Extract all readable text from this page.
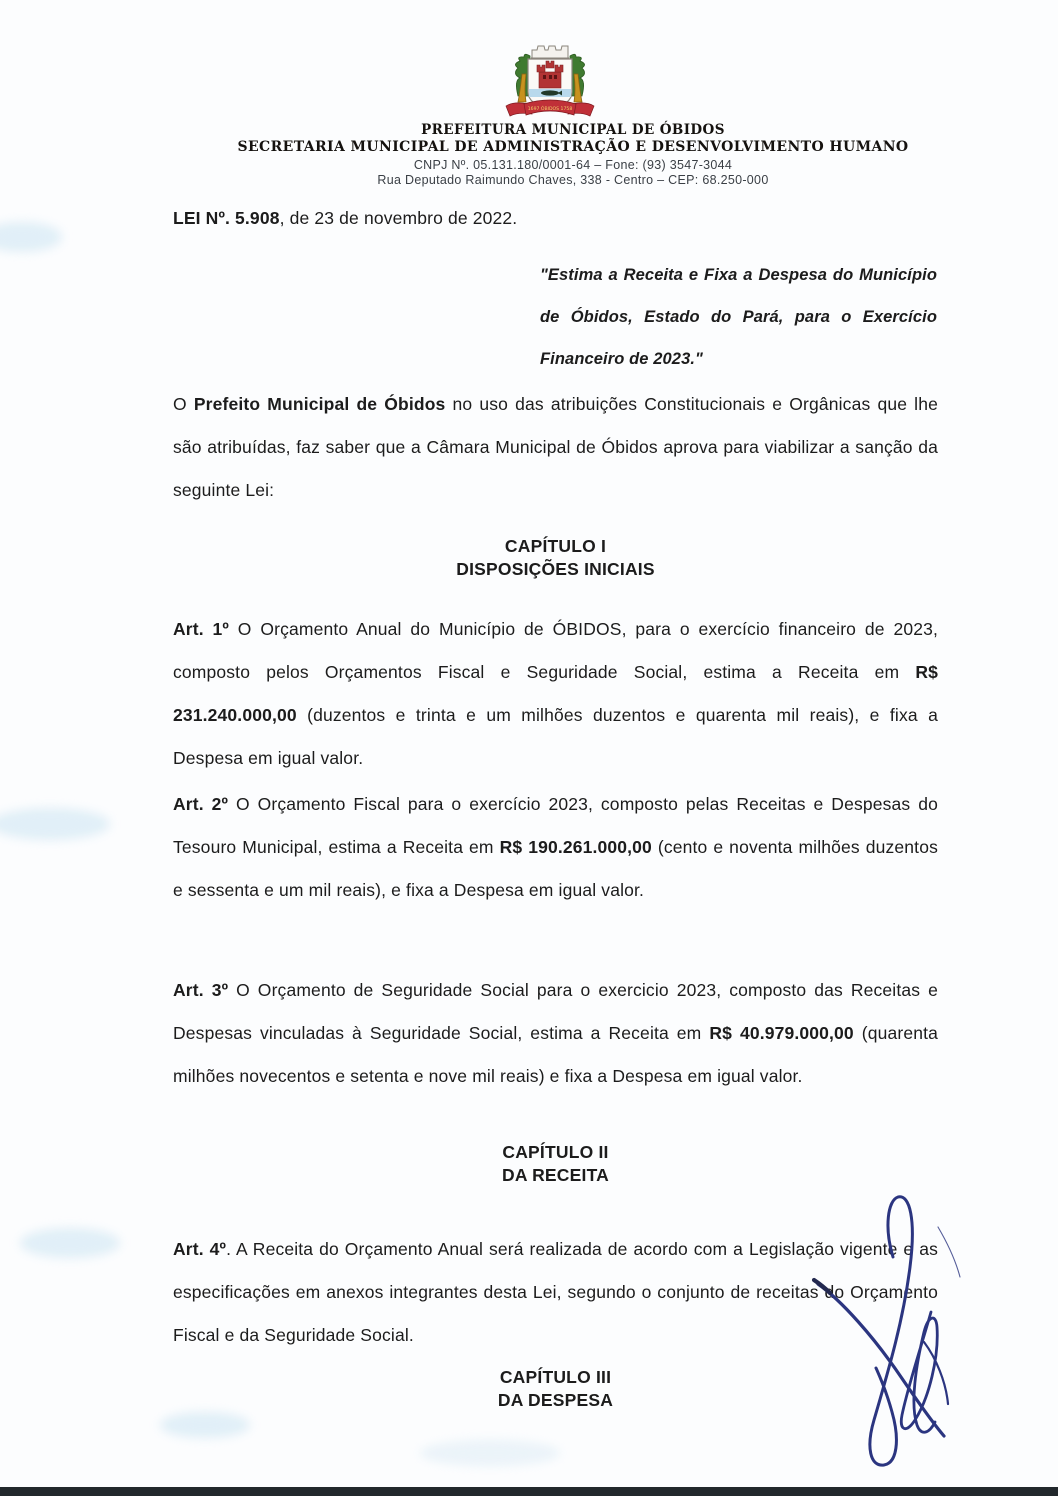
1697 ÓBIDOS 1758
PREFEITURA MUNICIPAL DE ÓBIDOS
SECRETARIA MUNICIPAL DE ADMINISTRAÇÃO E DESENVOLVIMENTO HUMANO
CNPJ Nº. 05.131.180/0001-64 – Fone: (93) 3547-3044
Rua Deputado Raimundo Chaves, 338 - Centro – CEP: 68.250-000
LEI Nº. 5.908, de 23 de novembro de 2022.
"Estima a Receita e Fixa a Despesa do Município de Óbidos, Estado do Pará, para o Exercício Financeiro de 2023."
O Prefeito Municipal de Óbidos no uso das atribuições Constitucionais e Orgânicas que lhe são atribuídas, faz saber que a Câmara Municipal de Óbidos aprova para viabilizar a sanção da seguinte Lei:
CAPÍTULO I
DISPOSIÇÕES INICIAIS
Art. 1º O Orçamento Anual do Município de ÓBIDOS, para o exercício financeiro de 2023, composto pelos Orçamentos Fiscal e Seguridade Social, estima a Receita em R$ 231.240.000,00 (duzentos e trinta e um milhões duzentos e quarenta mil reais), e fixa a Despesa em igual valor.
Art. 2º O Orçamento Fiscal para o exercício 2023, composto pelas Receitas e Despesas do Tesouro Municipal, estima a Receita em R$ 190.261.000,00 (cento e noventa milhões duzentos e sessenta e um mil reais), e fixa a Despesa em igual valor.
Art. 3º O Orçamento de Seguridade Social para o exercicio 2023, composto das Receitas e Despesas vinculadas à Seguridade Social, estima a Receita em R$ 40.979.000,00 (quarenta milhões novecentos e setenta e nove mil reais) e fixa a Despesa em igual valor.
CAPÍTULO II
DA RECEITA
Art. 4º. A Receita do Orçamento Anual será realizada de acordo com a Legislação vigente e as especificações em anexos integrantes desta Lei, segundo o conjunto de receitas do Orçamento Fiscal e da Seguridade Social.
CAPÍTULO III
DA DESPESA
